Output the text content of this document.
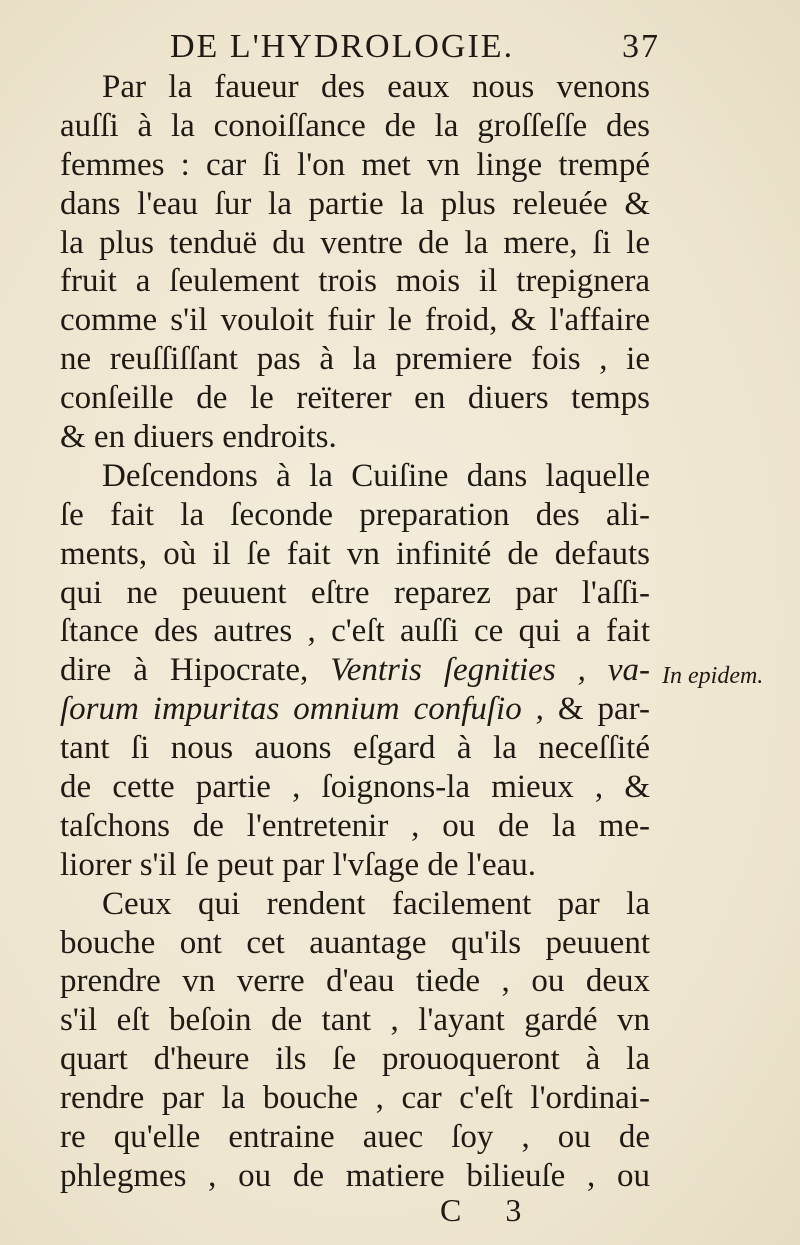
DE L'HYDROLOGIE.	37
Par la faueur des eaux nous venons
auſſi à la conoiſſance de la groſſeſſe des
femmes : car ſi l'on met vn linge trempé
dans l'eau ſur la partie la plus releuée &
la plus tenduë du ventre de la mere, ſi le
fruit a ſeulement trois mois il trepignera
comme s'il vouloit fuir le froid, & l'affaire
ne reuſſiſſant pas à la premiere fois , ie
conſeille de le reïterer en diuers temps
& en diuers endroits.
Deſcendons à la Cuiſine dans laquelle
ſe fait la ſeconde preparation des ali-
ments, où il ſe fait vn infinité de defauts
qui ne peuuent eſtre reparez par l'aſſi-
ſtance des autres , c'eſt auſſi ce qui a fait
dire à Hipocrate, Ventris ſegnities , va-
ſorum impuritas omnium confuſio , & par-
tant ſi nous auons eſgard à la neceſſité
de cette partie , ſoignons-la mieux , &
taſchons de l'entretenir , ou de la me-
liorer s'il ſe peut par l'vſage de l'eau.
Ceux qui rendent facilement par la
bouche ont cet auantage qu'ils peuuent
prendre vn verre d'eau tiede , ou deux
s'il eſt beſoin de tant , l'ayant gardé vn
quart d'heure ils ſe prouoqueront à la
rendre par la bouche , car c'eſt l'ordinai-
re qu'elle entraine auec ſoy , ou de
phlegmes , ou de matiere bilieuſe , ou
In epidem.
C 3
